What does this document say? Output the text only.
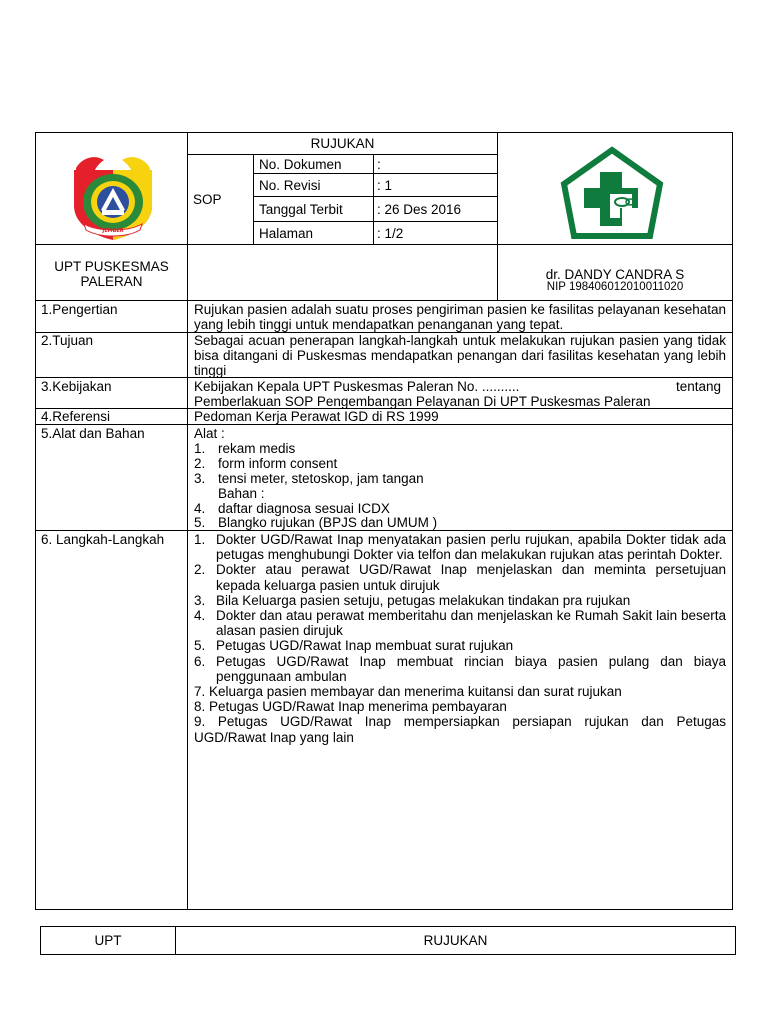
JEMBER
RUJUKAN
SOP
No. Dokumen	:
No. Revisi	: 1
Tanggal Terbit	: 26 Des 2016
Halaman	: 1/2
UPT PUSKESMAS
PALERAN	dr. DANDY CANDRA S
NIP 198406012010011020
1.Pengertian	Rujukan pasien adalah suatu proses pengiriman pasien ke fasilitas pelayanan kesehatan yang lebih tinggi untuk mendapatkan penanganan yang tepat.
2.Tujuan	Sebagai acuan penerapan langkah-langkah untuk melakukan rujukan pasien yang tidak bisa ditangani di Puskesmas mendapatkan penangan dari fasilitas kesehatan yang lebih tinggi
3.Kebijakan	Kebijakan Kepala UPT Puskesmas Paleran No. ..........	tentang
Pemberlakuan SOP Pengembangan Pelayanan Di UPT Puskesmas Paleran
4.Referensi	Pedoman Kerja Perawat IGD di RS 1999
5.Alat dan Bahan	Alat :
1. rekam medis
2. form inform consent
3. tensi meter, stetoskop, jam tangan
Bahan :
4. daftar diagnosa sesuai ICDX
5. Blangko rujukan (BPJS dan UMUM )
6. Langkah-Langkah 1. Dokter UGD/Rawat Inap menyatakan pasien perlu rujukan, apabila Dokter tidak ada petugas menghubungi Dokter via telfon dan melakukan rujukan atas perintah Dokter.
2. Dokter atau perawat UGD/Rawat Inap menjelaskan dan meminta persetujuan kepada keluarga pasien untuk dirujuk
3. Bila Keluarga pasien setuju, petugas melakukan tindakan pra rujukan
4. Dokter dan atau perawat memberitahu dan menjelaskan ke Rumah Sakit lain beserta alasan pasien dirujuk
5. Petugas UGD/Rawat Inap membuat surat rujukan
6. Petugas UGD/Rawat Inap membuat rincian biaya pasien pulang dan biaya penggunaan ambulan
7. Keluarga pasien membayar dan menerima kuitansi dan surat rujukan
8. Petugas UGD/Rawat Inap menerima pembayaran
9. Petugas UGD/Rawat Inap mempersiapkan persiapan rujukan dan Petugas UGD/Rawat Inap yang lain
UPT	RUJUKAN
